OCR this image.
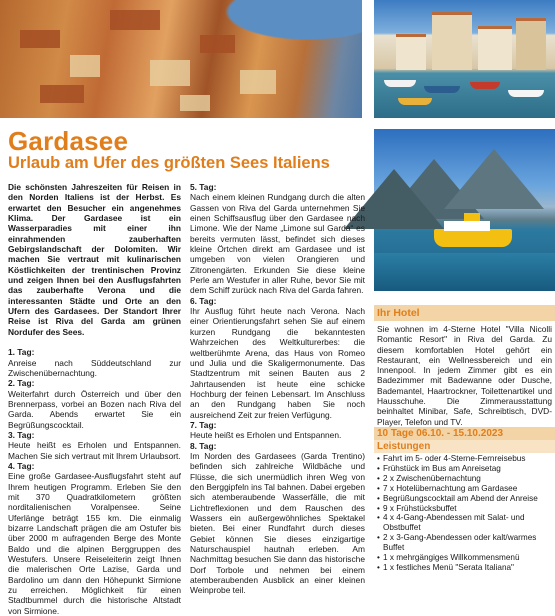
Gardasee
Urlaub am Ufer des größten Sees Italiens
Die schönsten Jahreszeiten für Reisen in den Norden Italiens ist der Herbst. Es erwartet den Besucher ein angenehmes Klima. Der Gardasee ist ein Wasserparadies mit einer ihn einrahmenden zauberhaften Gebirgslandschaft der Dolomiten. Wir machen Sie vertraut mit kulinarischen Köstlichkeiten der trentinischen Provinz und zeigen Ihnen bei den Ausflugsfahrten das zauberhafte Verona und die interessanten Städte und Orte an den Ufern des Gardasees. Der Standort Ihrer Reise ist Riva del Garda am grünen Nordufer des Sees.
1. Tag:
Anreise nach Süddeutschland zur Zwischenübernachtung.
2. Tag:
Weiterfahrt durch Österreich und über den Brennerpass, vorbei an Bozen nach Riva del Garda. Abends erwartet Sie ein Begrüßungscocktail.
3. Tag:
Heute heißt es Erholen und Entspannen. Machen Sie sich vertraut mit Ihrem Urlaubsort.
4. Tag:
Eine große Gardasee-Ausflugsfahrt steht auf Ihrem heutigen Programm. Erleben Sie den mit 370 Quadratkilometern größten norditalienischen Voralpensee. Seine Uferlänge beträgt 155 km. Die einmalig bizarre Landschaft prägen die am Ostufer bis über 2000 m aufragenden Berge des Monte Baldo und die alpinen Berggruppen des Westufers. Unsere Reiseleiterin zeigt Ihnen die malerischen Orte Lazise, Garda und Bardolino um dann den Höhepunkt Sirmione zu erreichen. Möglichkeit für einen Stadtbummel durch die historische Altstadt von Sirmione.
5. Tag:
Nach einem kleinen Rundgang durch die alten Gassen von Riva del Garda unternehmen Sie einen Schiffsausflug über den Gardasee nach Limone. Wie der Name „Limone sul Garda“ es bereits vermuten lässt, befindet sich dieses kleine Örtchen direkt am Gardasee und ist umgeben von vielen Orangieren und Zitronengärten. Erkunden Sie diese kleine Perle am Westufer in aller Ruhe, bevor Sie mit dem Schiff zurück nach Riva del Garda fahren.
6. Tag:
Ihr Ausflug führt heute nach Verona. Nach einer Orientierungsfahrt sehen Sie auf einem kurzen Rundgang die bekanntesten Wahrzeichen des Weltkulturerbes: die weltberühmte Arena, das Haus von Romeo und Julia und die Skaligermonumente. Das Stadtzentrum mit seinen Bauten aus 2 Jahrtausenden ist heute eine schicke Hochburg der feinen Lebensart. Im Anschluss an den Rundgang haben Sie noch ausreichend Zeit zur freien Verfügung.
7. Tag:
Heute heißt es Erholen und Entspannen.
8. Tag:
Im Norden des Gardasees (Garda Trentino) befinden sich zahlreiche Wildbäche und Flüsse, die sich unermüdlich ihren Weg von den Berggipfeln ins Tal bahnen. Dabei ergeben sich atemberaubende Wasserfälle, die mit Lichtreflexionen und dem Rauschen des Wassers ein außergewöhnliches Spektakel bieten. Bei einer Rundfahrt durch dieses Gebiet können Sie dieses einzigartige Naturschauspiel hautnah erleben. Am Nachmittag besuchen Sie dann das historische Dorf Torbole und nehmen bei einem atemberaubenden Ausblick an einer kleinen Weinprobe teil.
Ihr Hotel
Sie wohnen im 4-Sterne Hotel "Villa Nicolli Romantic Resort" in Riva del Garda. Zu diesem komfortablen Hotel gehört ein Restaurant, ein Wellnessbereich und ein Innenpool. In jedem Zimmer gibt es ein Badezimmer mit Badewanne oder Dusche, Bademantel, Haartrockner, Toilettenartikel und Hausschuhe. Die Zimmerausstattung beinhaltet Minibar, Safe, Schreibtisch, DVD-Player, Telefon und TV.
10 Tage 06.10. - 15.10.2023
Leistungen
• Fahrt im 5- oder 4-Sterne-Fernreisebus
• Frühstück im Bus am Anreisetag
• 2 x Zwischenübernachtung
• 7 x Hotelübernachtung am Gardasee
• Begrüßungscocktail am Abend der Anreise
• 9 x Frühstücksbuffet
• 4 x 4-Gang-Abendessen mit Salat- und Obstbuffet
• 2 x 3-Gang-Abendessen oder kalt/warmes Buffet
• 1 x mehrgängiges Willkommensmenü
• 1 x festliches Menü "Serata Italiana"
